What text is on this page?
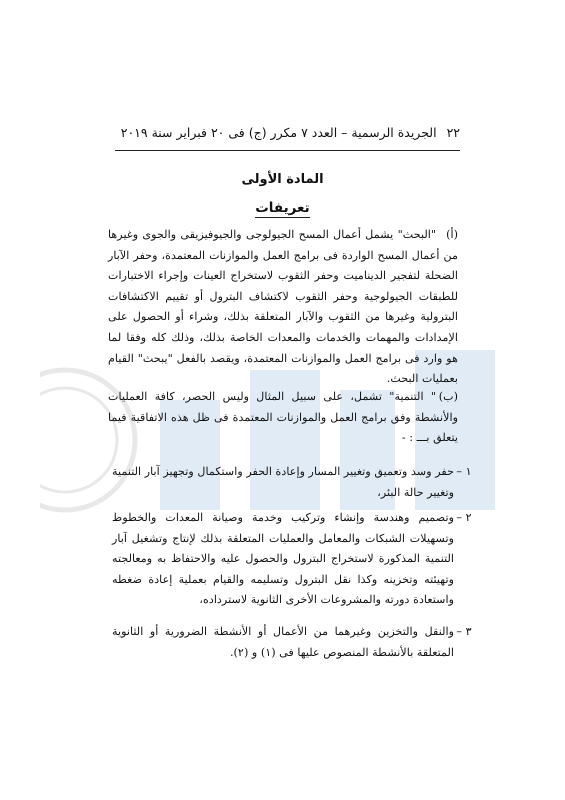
٢٢
الجريدة الرسمية – العدد ٧ مكرر (ج) فى ٢٠ فبراير سنة ٢٠١٩
المادة الأولى
تعريفات
(أ)
"البحث" يشمل أعمال المسح الجيولوجى والجيوفيزيقى والجوى وغيرها من أعمال المسح الواردة فى برامج العمل والموازنات المعتمدة، وحفر الآبار الضحلة لتفجير الديناميت وحفر الثقوب لاستخراج العينات وإجراء الاختبارات للطبقات الجيولوجية وحفر الثقوب لاكتشاف البترول أو تقييم الاكتشافات البترولية وغيرها من الثقوب والآبار المتعلقة بذلك، وشراء أو الحصول على الإمدادات والمهمات والخدمات والمعدات الخاصة بذلك، وذلك كله وفقا لما هو وارد فى برامج العمل والموازنات المعتمدة، ويقصد بالفعل "يبحث" القيام بعمليات البحث.
(ب)
" التنمية" تشمل، على سبيل المثال وليس الحصر، كافة العمليات والأنشطة وفق برامج العمل والموازنات المعتمدة فى ظل هذه الاتفاقية فيما يتعلق بـــ : -
١ –
حفر وسد وتعميق وتغيير المسار وإعادة الحفر واستكمال وتجهيز آبار التنمية وتغيير حالة البئر،
٢ –
وتصميم وهندسة وإنشاء وتركيب وخدمة وصيانة المعدات والخطوط وتسهيلات الشبكات والمعامل والعمليات المتعلقة بذلك لإنتاج وتشغيل آبار التنمية المذكورة لاستخراج البترول والحصول عليه والاحتفاظ به ومعالجته وتهيئته وتخزينه وكذا نقل البترول وتسليمه والقيام بعملية إعادة ضغطه واستعادة دورته والمشروعات الأخرى الثانوية لاسترداده،
٣ –
والنقل والتخزين وغيرهما من الأعمال أو الأنشطة الضرورية أو الثانوية المتعلقة بالأنشطة المنصوص عليها فى (١) و (٢).
